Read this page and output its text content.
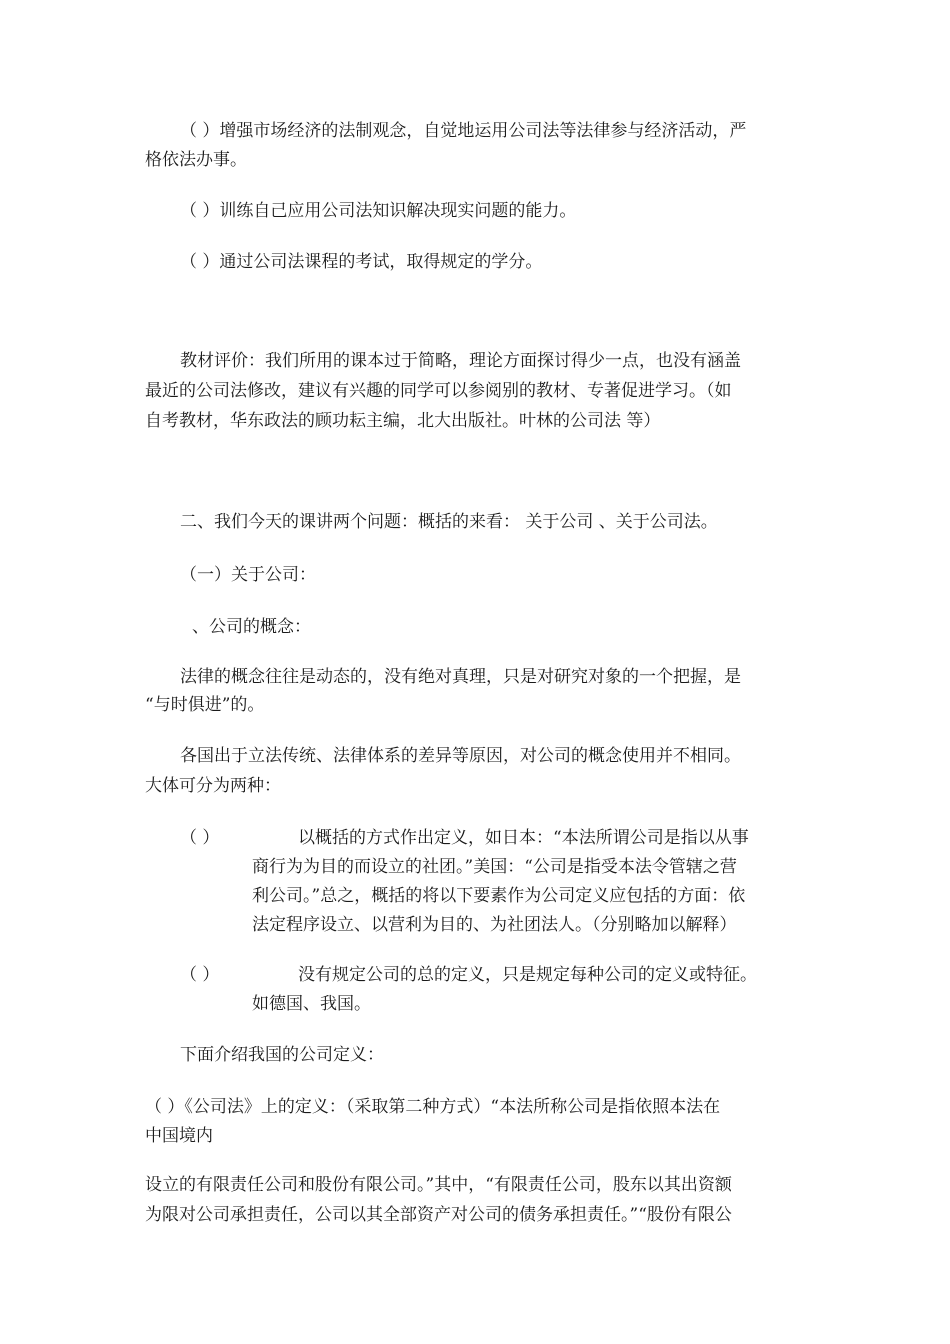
（ ）增强市场经济的法制观念，自觉地运用公司法等法律参与经济活动，严
格依法办事。
（ ）训练自己应用公司法知识解决现实问题的能力。
（ ）通过公司法课程的考试，取得规定的学分。
教材评价：我们所用的课本过于简略，理论方面探讨得少一点，也没有涵盖
最近的公司法修改，建议有兴趣的同学可以参阅别的教材、专著促进学习。（如
自考教材，华东政法的顾功耘主编，北大出版社。叶林的公司法 等）
二、我们今天的课讲两个问题：概括的来看： 关于公司 、关于公司法。
（一）关于公司：
、公司的概念：
法律的概念往往是动态的，没有绝对真理，只是对研究对象的一个把握，是
“与时俱进”的。
各国出于立法传统、法律体系的差异等原因，对公司的概念使用并不相同。
大体可分为两种：
（ ）	以概括的方式作出定义，如日本：“本法所谓公司是指以从事
商行为为目的而设立的社团。”美国：“公司是指受本法令管辖之营
利公司。”总之，概括的将以下要素作为公司定义应包括的方面：依
法定程序设立、以营利为目的、为社团法人。（分别略加以解释）
（ ）	没有规定公司的总的定义，只是规定每种公司的定义或特征。
如德国、我国。
下面介绍我国的公司定义：
（ ）《公司法》上的定义：（采取第二种方式）“本法所称公司是指依照本法在
中国境内
设立的有限责任公司和股份有限公司。”其中，“有限责任公司，股东以其出资额
为限对公司承担责任，公司以其全部资产对公司的债务承担责任。”“股份有限公
